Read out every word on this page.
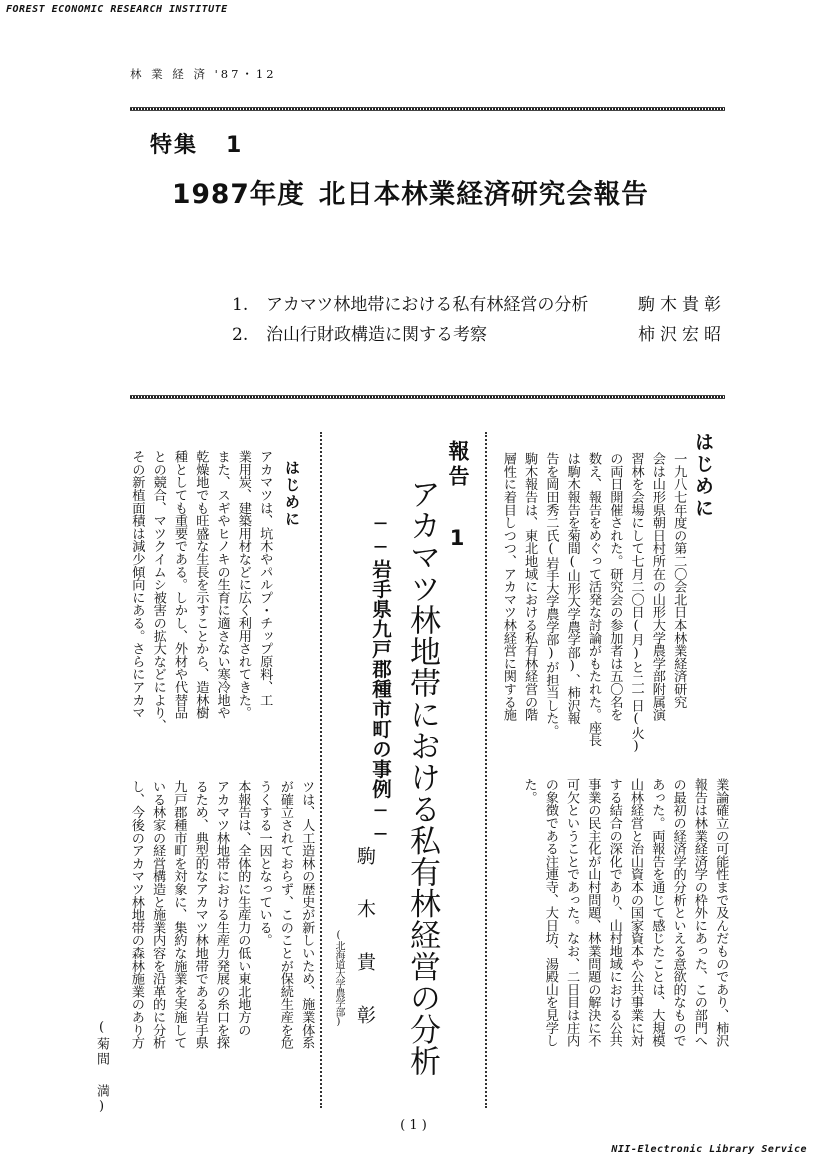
FOREST ECONOMIC RESEARCH INSTITUTE
林 業 経 済 '87・12
特集 1
1987年度 北日本林業経済研究会報告
1. アカマツ林地帯における私有林経営の分析	駒木貴彰
2. 治山行財政構造に関する考察	柿沢宏昭
はじめに
一九八七年度の第二〇会北日本林業経済研究
会は山形県朝日村所在の山形大学農学部附属演
習林を会場にして七月二〇日(月)と二一日(火)
の両日開催された。研究会の参加者は五〇名を
数え、報告をめぐって活発な討論がもたれた。座長
は駒木報告を菊間(山形大学農学部)、柿沢報
告を岡田秀二氏(岩手大学農学部)が担当した。
駒木報告は、東北地域における私有林経営の階
層性に着目しつつ、アカマツ林経営に関する施
業論確立の可能性まで及んだものであり、柿沢
報告は林業経済学の枠外にあった、この部門へ
の最初の経済学的分析といえる意欲的なもので
あった。両報告を通じて感じたことは、大規模
山林経営と治山資本の国家資本や公共事業に対
する結合の深化であり、山村地域における公共
事業の民主化が山村問題、林業問題の解決に不
可欠ということであった。なお、二日目は庄内
の象徴である注連寺、大日坊、湯殿山を見学し
た。
(菊間 満)
報告
1
アカマツ林地帯における私有林経営の分析
──岩手県九戸郡種市町の事例──
駒 木 貴 彰
(北海道大学農学部)
はじめに
アカマツは、坑木やパルプ・チップ原料、工
業用炭、建築用材などに広く利用されてきた。
また、スギやヒノキの生育に適さない寒冷地や
乾燥地でも旺盛な生長を示すことから、造林樹
種としても重要である。しかし、外材や代替品
との競合、マツクイムシ被害の拡大などにより、
その新植面積は減少傾向にある。さらにアカマ
ツは、人工造林の歴史が新しいため、施業体系
が確立されておらず、このことが保続生産を危
うくする一因となっている。
本報告は、全体的に生産力の低い東北地方の
アカマツ林地帯における生産力発展の糸口を探
るため、典型的なアカマツ林地帯である岩手県
九戸郡種市町を対象に、集約な施業を実施して
いる林家の経営構造と施業内容を沿革的に分析
し、今後のアカマツ林地帯の森林施業のあり方
( 1 )
NII-Electronic Library Service
